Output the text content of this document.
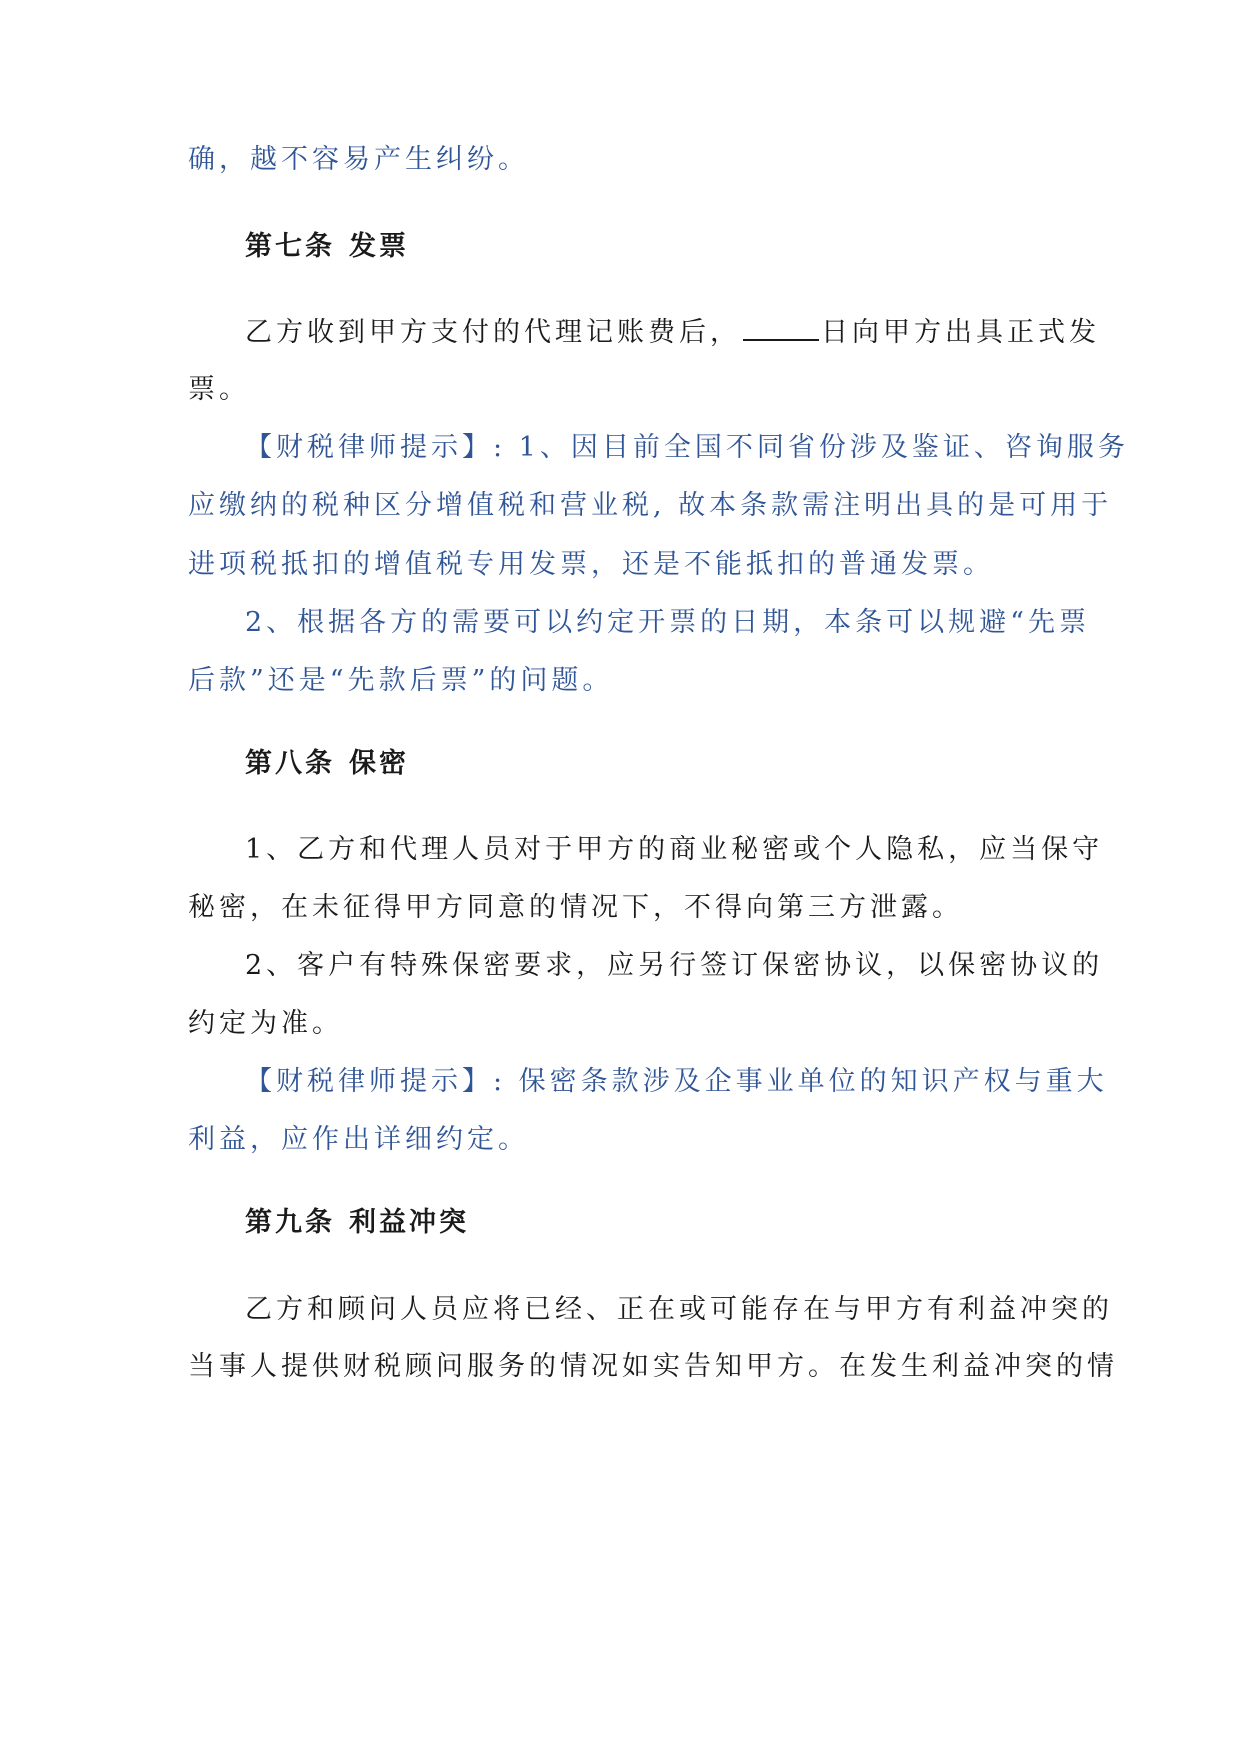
确，越不容易产生纠纷。
第七条 发票
乙方收到甲方支付的代理记账费后，	日向甲方出具正式发
票。
【财税律师提示】: 1、因目前全国不同省份涉及鉴证、咨询服务
应缴纳的税种区分增值税和营业税, 故本条款需注明出具的是可用于
进项税抵扣的增值税专用发票，还是不能抵扣的普通发票。
2、根据各方的需要可以约定开票的日期，本条可以规避“先票
后款”还是“先款后票”的问题。
第八条 保密
1、乙方和代理人员对于甲方的商业秘密或个人隐私，应当保守
秘密，在未征得甲方同意的情况下，不得向第三方泄露。
2、客户有特殊保密要求，应另行签订保密协议，以保密协议的
约定为准。
【财税律师提示】: 保密条款涉及企事业单位的知识产权与重大
利益，应作出详细约定。
第九条 利益冲突
乙方和顾问人员应将已经、正在或可能存在与甲方有利益冲突的
当事人提供财税顾问服务的情况如实告知甲方。在发生利益冲突的情
